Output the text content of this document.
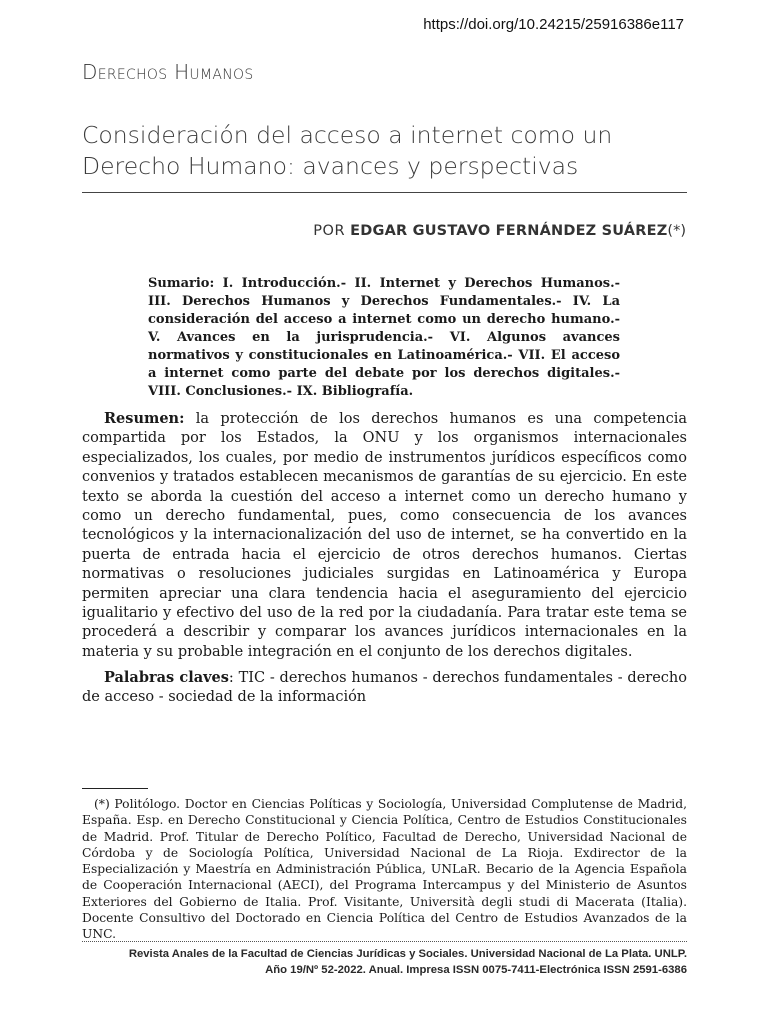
https://doi.org/10.24215/25916386e117
Derechos Humanos
Consideración del acceso a internet como un Derecho Humano: avances y perspectivas
POR EDGAR GUSTAVO FERNÁNDEZ SUÁREZ(*)
Sumario: I. Introducción.- II. Internet y Derechos Humanos.- III. Derechos Humanos y Derechos Fundamentales.- IV. La consideración del acceso a internet como un derecho humano.- V. Avances en la jurisprudencia.- VI. Algunos avances normativos y constitucionales en Latinoamérica.- VII. El acceso a internet como parte del debate por los derechos digitales.- VIII. Conclusiones.- IX. Bibliografía.

Resumen: la protección de los derechos humanos es una competencia compartida por los Estados, la ONU y los organismos internacionales especializados, los cuales, por medio de instrumentos jurídicos específicos como convenios y tratados establecen mecanismos de garantías de su ejercicio. En este texto se aborda la cuestión del acceso a internet como un derecho humano y como un derecho fundamental, pues, como consecuencia de los avances tecnológicos y la internacionalización del uso de internet, se ha convertido en la puerta de entrada hacia el ejercicio de otros derechos humanos. Ciertas normativas o resoluciones judiciales surgidas en Latinoamérica y Europa permiten apreciar una clara tendencia hacia el aseguramiento del ejercicio igualitario y efectivo del uso de la red por la ciudadanía. Para tratar este tema se procederá a describir y comparar los avances jurídicos internacionales en la materia y su probable integración en el conjunto de los derechos digitales.

Palabras claves: TIC - derechos humanos - derechos fundamentales - derecho de acceso - sociedad de la información
(*) Politólogo. Doctor en Ciencias Políticas y Sociología, Universidad Complutense de Madrid, España. Esp. en Derecho Constitucional y Ciencia Política, Centro de Estudios Constitucionales de Madrid. Prof. Titular de Derecho Político, Facultad de Derecho, Universidad Nacional de Córdoba y de Sociología Política, Universidad Nacional de La Rioja. Exdirector de la Especialización y Maestría en Administración Pública, UNLaR. Becario de la Agencia Española de Cooperación Internacional (AECI), del Programa Intercampus y del Ministerio de Asuntos Exteriores del Gobierno de Italia. Prof. Visitante, Università degli studi di Macerata (Italia). Docente Consultivo del Doctorado en Ciencia Política del Centro de Estudios Avanzados de la UNC.
Revista Anales de la Facultad de Ciencias Jurídicas y Sociales. Universidad Nacional de La Plata. UNLP.
Año 19/Nº 52-2022. Anual. Impresa ISSN 0075-7411-Electrónica ISSN 2591-6386
